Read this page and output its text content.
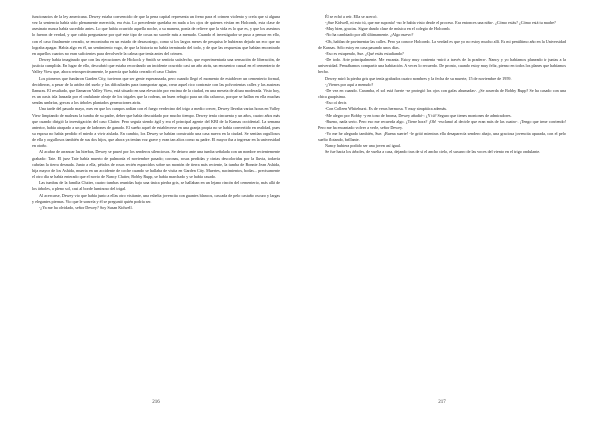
funcionarios de la ley americana. Dewey estaba convencido de que la pena capital representa un freno para el crimen violento y creía que si alguna vez la sentencia había sido plenamente merecida, era ésta. Lo precedente quedaba en nada a los ojos de quienes vivían en Holcomb, esta clase de asesinato nunca había sucedido antes. Lo que había ocurrido aquella noche, a su manera, ponía de relieve que la vida es lo que es, y que los asesinos lo fueron de verdad, y que cabía preguntarse por qué este tipo de cosas no sucede más a menudo. Cuando el investigador se puso a pensar en ello, con el caso finalmente cerrado, se encontraba en un estado de desasosiego, como si los largos meses de pesquisa le hubieran dejado un eco que no lograba apagar. Había algo en él, un sentimiento vago, de que la historia no había terminado del todo, y de que las respuestas que habían encontrado en aquellos cuartos no eran suficientes para devolverle la calma que tenía antes del crimen.

Dewey había imaginado que con las ejecuciones de Hickock y Smith se sentiría satisfecho, que experimentaría una sensación de liberación, de justicia cumplida. En lugar de ello, descubrió que estaba recordando un incidente ocurrido casi un año atrás, un encuentro casual en el cementerio de Valley View que, ahora retrospectivamente, le parecía que había cerrado el caso Clutter.

Los pioneros que fundaron Garden City, tuvieron que ser gente esperanzada, pero cuando llegó el momento de establecer un cementerio formal, decidieron, a pesar de la aridez del suelo y las dificultades para transportar agua, crear aquel rico contraste con las polvorientas calles y las austeras llanuras. El resultado, que llamaron Valley View, está situado en una elevación por encima de la ciudad, en una meseta de altura moderada. Visto hoy, es un oasis isla lanzada por el ondulante oleaje de los trigales que la rodean, un buen refugio para un día caluroso, porque se hallan en ella muchas sendas umbrías, grecas a los árboles plantados generaciones atrás.

Una tarde del pasado mayo, mes en que los campos ardían con el fuego verdecino del trigo a medio crecer, Dewey llevaba varias horas en Valley View limpiando de malezas la tumba de su padre, deber que había descuidado por mucho tiempo. Dewey tenía cincuenta y un años, cuatro años más que cuando dirigió la investigación del caso Clutter. Pero seguía siendo ágil y era el principal agente del KBI de la Kansas occidental. La semana anterior, había atrapado a un par de ladrones de ganado. El sueño aquel de establecerse en una granja propia no se había convertido en realidad, pues su esposa no había perdido el miedo a vivir aislada. En cambio, los Dewey se habían construido una casa nueva en la ciudad. Se sentían orgullosos de ella y orgullosos también de sus dos hijos, que ahora ya tenían voz grave y eran tan altos como su padre. El mayor iba a ingresar en la universidad en otoño.

Al acabar de arrancar las hierbas, Dewey se paseó por los senderos silenciosos. Se detuvo ante una tumba señalada con un nombre recientemente grabado: Tate. El juez Tate había muerto de pulmonía el noviembre pasado; coronas, rosas perdidas y cintas descoloridas por la lluvia, todavía cubrían la tierra desnuda. Junto a ella, pétalos de rosas recién esparcidos sobre un montón de tierra más reciente, la tumba de Bonnie Jean Ashida, hija mayor de los Ashida, muerta en un accidente de coche cuando se hallaba de visita en Garden City. Muertes, nacimientos, bodas... precisamente el otro día se había enterado que el novio de Nancy Clutter, Bobby Rupp, se había marchado y se había casado.

Las tumbas de la familia Clutter, cuatro tumbas reunidas bajo una única piedra gris, se hallaban en un lejano rincón del cementerio, más allá de los árboles, a pleno sol, casi al borde luminoso del trigal.

Al acercarse, Dewey vio que había junto a ellas otro visitante, una esbelta jovencita con guantes blancos, cascada de pelo castaño oscuro y largas y elegantes piernas. Vio que le sonreía y él se preguntó quién podría ser.

-¿Ya me ha olvidado, señor Dewey? Soy Susan Kidwell.

216

Él se echó a reír. Ella se acercó.

-¡Sue Kidwell, ni esto tú, que me suponía! -no le había visto desde el proceso. Era entonces una niña-. ¿Cómo estás? ¿Cómo está tu madre?

-Muy bien, gracias. Sigue dando clase de música en el colegio de Holcomb.

-No ha cambiado por allí últimamente. ¿Algo nuevo?

-Oh, hablan de pavimentar las calles. Pero ya conoce Holcomb. La verdad es que yo no estoy mucho allí. Es mi penúltimo año en la Universidad de Kansas. Sólo estoy en casa pasando unos días.

-Eso es estupendo, Sue. ¿Qué estás estudiando?

-De todo. Arte principalmente. Me encanta. Estoy muy contenta -miró a través de la pradera-. Nancy y yo habíamos planeado ir juntas a la universidad. Pensábamos compartir una habitación. A veces lo recuerdo. De pronto, cuando estoy muy feliz, pienso en todos los planes que habíamos hecho.

Dewey miró la piedra gris que tenía grabados cuatro nombres y la fecha de su muerte, 15 de noviembre de 1959.

-¿Vienes por aquí a menudo?

-De vez en cuando. Caramba, el sol está fuerte -se protegió los ojos con gafas ahumadas-. ¿Se acuerda de Bobby Rupp? Se ha casado con una chica guapísima.

-Eso oí decir.

-Con Colleen Whitehurst. Es de veras hermosa. Y muy simpática además.

-Me alegro por Bobby -y en tono de broma, Dewey añadió-: ¿Y tú? Seguro que tienes montones de admiradores.

-Bueno, nada serio. Pero eso me recuerda algo. ¿Tiene hora? ¡Oh! -exclamó al decirle que eran más de las cuatro-. ¡Tengo que irme corriendo! Pero me ha encantado volver a verle, señor Dewey.

-Yo me he alegrado también, Sue. ¡Buena suerte! -le gritó mientras ella desaparecía sendero abajo, una graciosa jovencita apurada, con el pelo suelto flotando, brillante.

Nancy hubiera podido ser una joven así igual.

Se fue hacia los árboles, de vuelta a casa, dejando tras de sí el ancho cielo, el susurro de las voces del viento en el trigo ondulante.

217
